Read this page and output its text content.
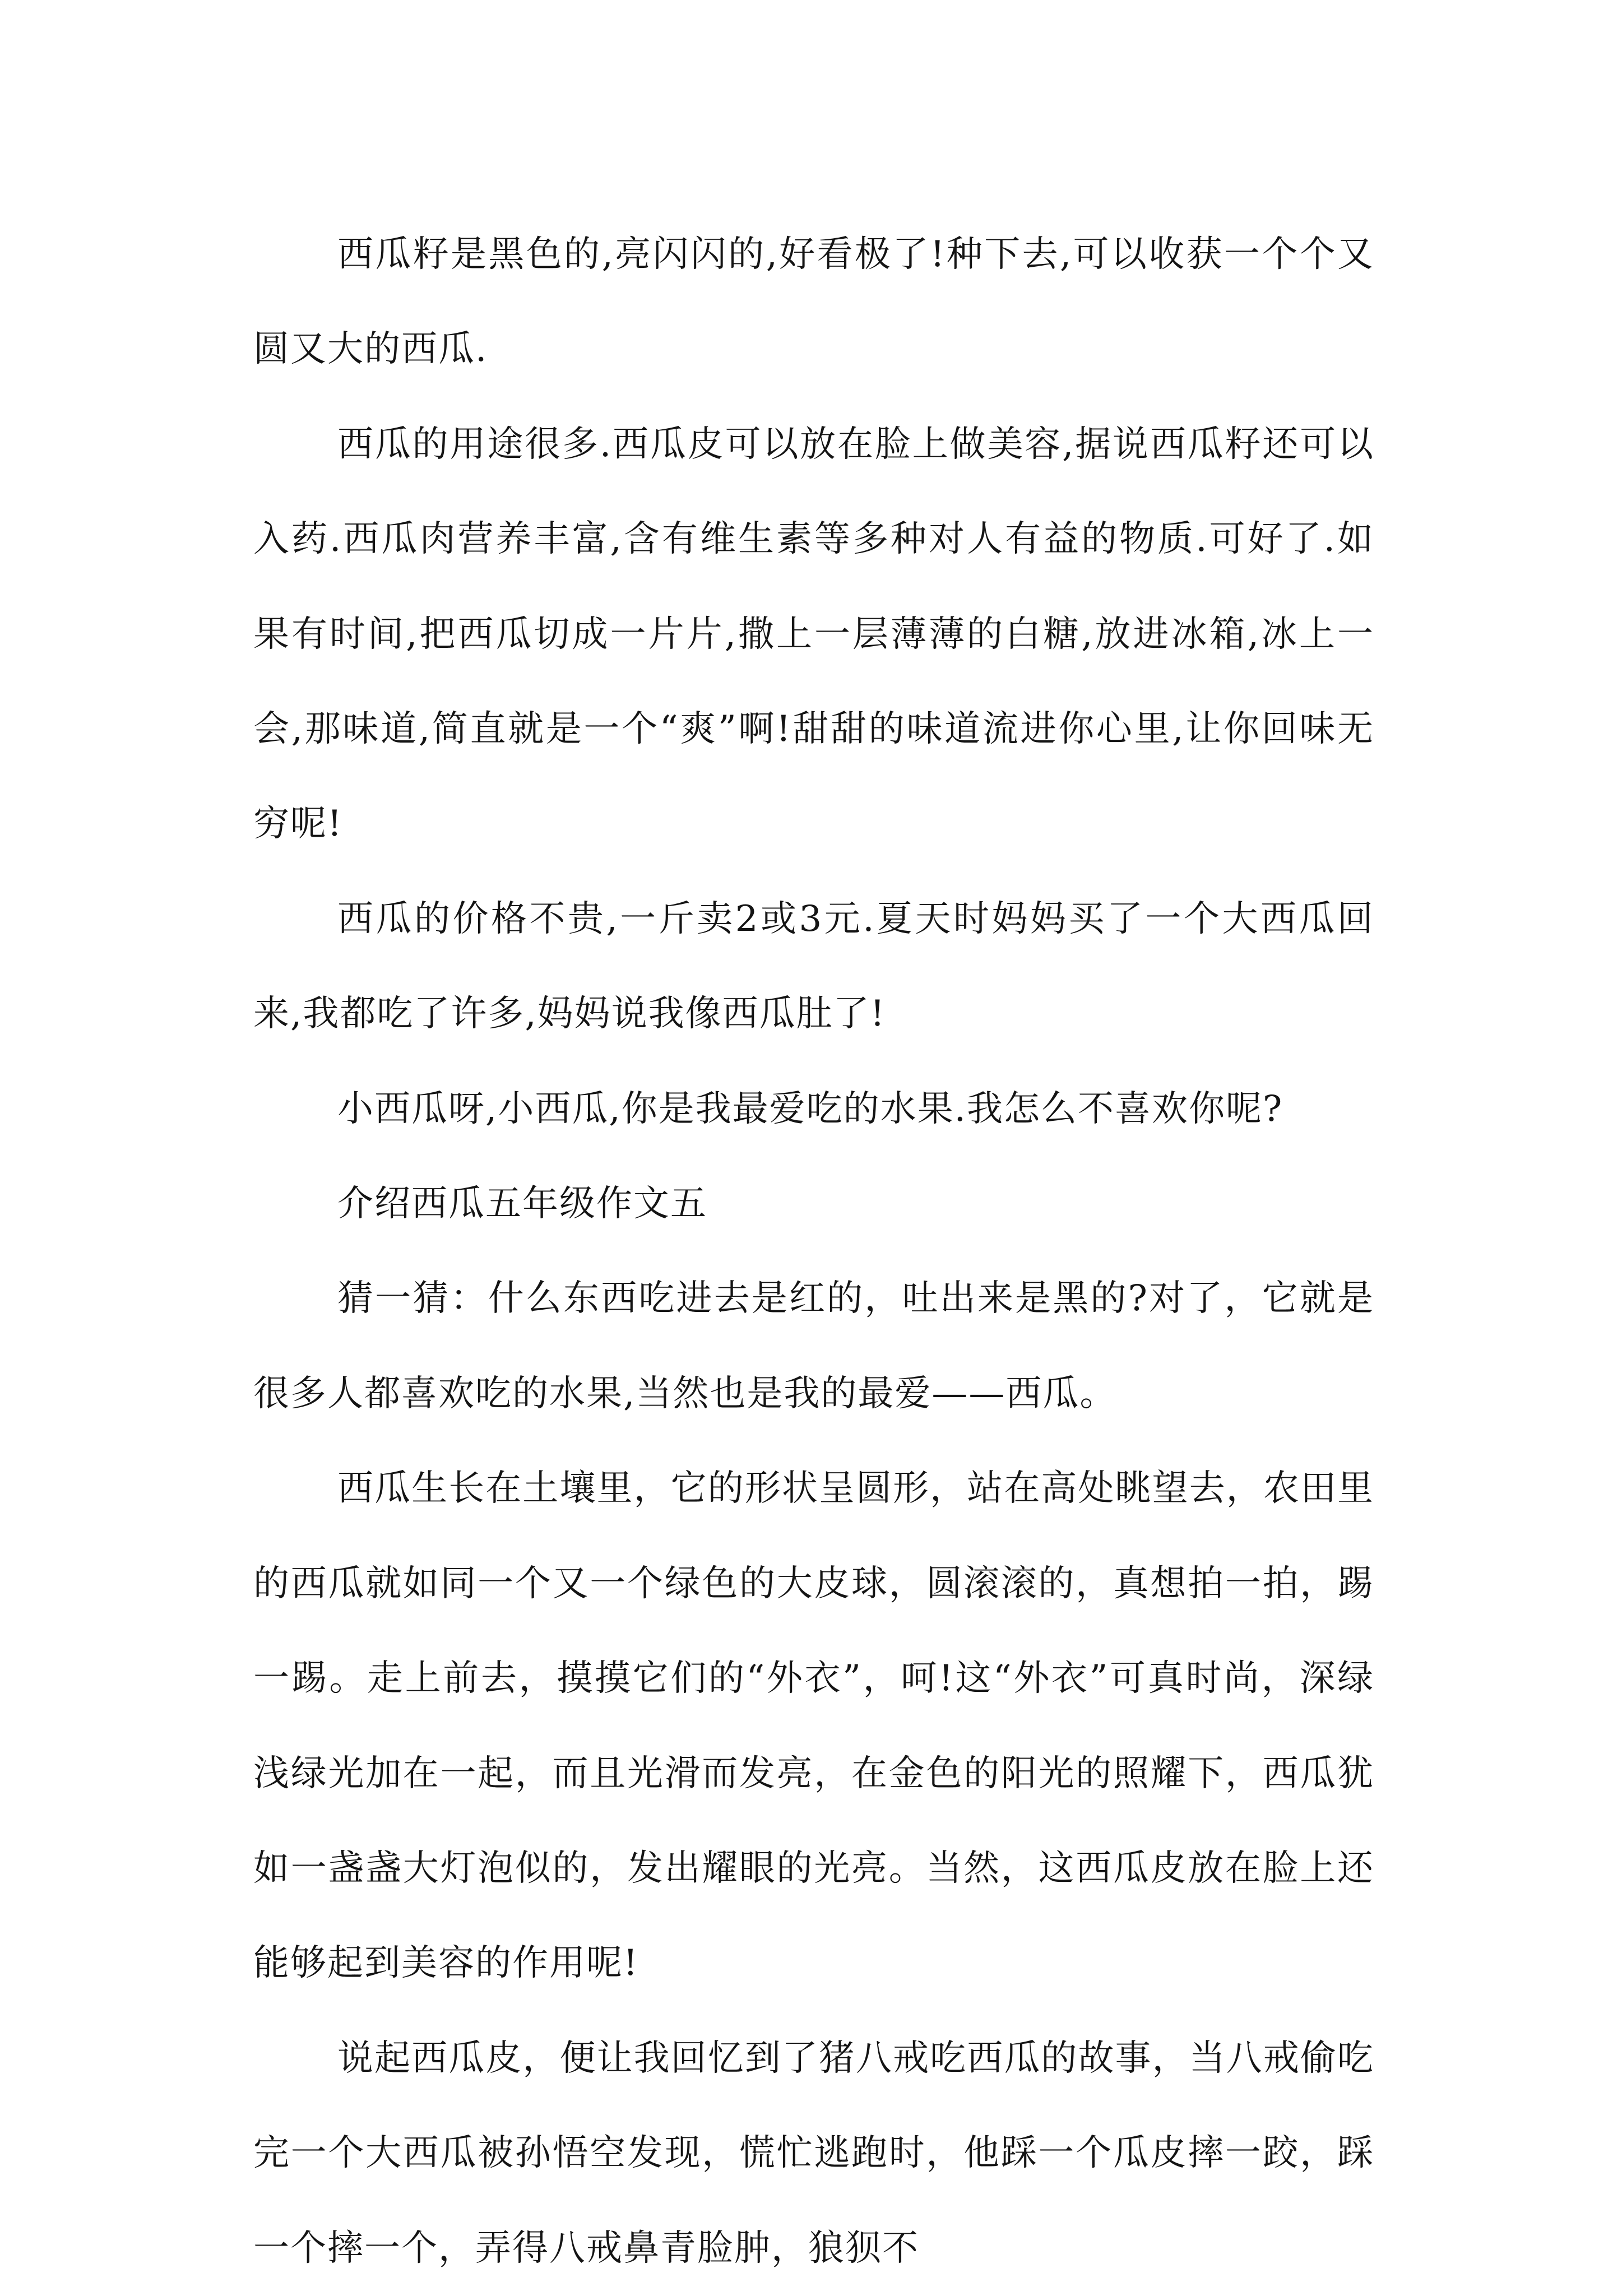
西瓜籽是黑色的,亮闪闪的,好看极了!种下去,可以收获一个个又圆又大的西瓜.

西瓜的用途很多.西瓜皮可以放在脸上做美容,据说西瓜籽还可以入药.西瓜肉营养丰富,含有维生素等多种对人有益的物质.可好了.如果有时间,把西瓜切成一片片,撒上一层薄薄的白糖,放进冰箱,冰上一会,那味道,简直就是一个“爽”啊!甜甜的味道流进你心里,让你回味无穷呢!

西瓜的价格不贵,一斤卖2或3元.夏天时妈妈买了一个大西瓜回来,我都吃了许多,妈妈说我像西瓜肚了!

小西瓜呀,小西瓜,你是我最爱吃的水果.我怎么不喜欢你呢?

介绍西瓜五年级作文五

猜一猜：什么东西吃进去是红的，吐出来是黑的?对了，它就是很多人都喜欢吃的水果,当然也是我的最爱——西瓜。

西瓜生长在土壤里，它的形状呈圆形，站在高处眺望去，农田里的西瓜就如同一个又一个绿色的大皮球，圆滚滚的，真想拍一拍，踢一踢。走上前去，摸摸它们的“外衣”，呵!这“外衣”可真时尚，深绿浅绿光加在一起，而且光滑而发亮，在金色的阳光的照耀下，西瓜犹如一盏盏大灯泡似的，发出耀眼的光亮。当然，这西瓜皮放在脸上还能够起到美容的作用呢!

说起西瓜皮，便让我回忆到了猪八戒吃西瓜的故事，当八戒偷吃完一个大西瓜被孙悟空发现，慌忙逃跑时，他踩一个瓜皮摔一跤，踩一个摔一个，弄得八戒鼻青脸肿，狼狈不
